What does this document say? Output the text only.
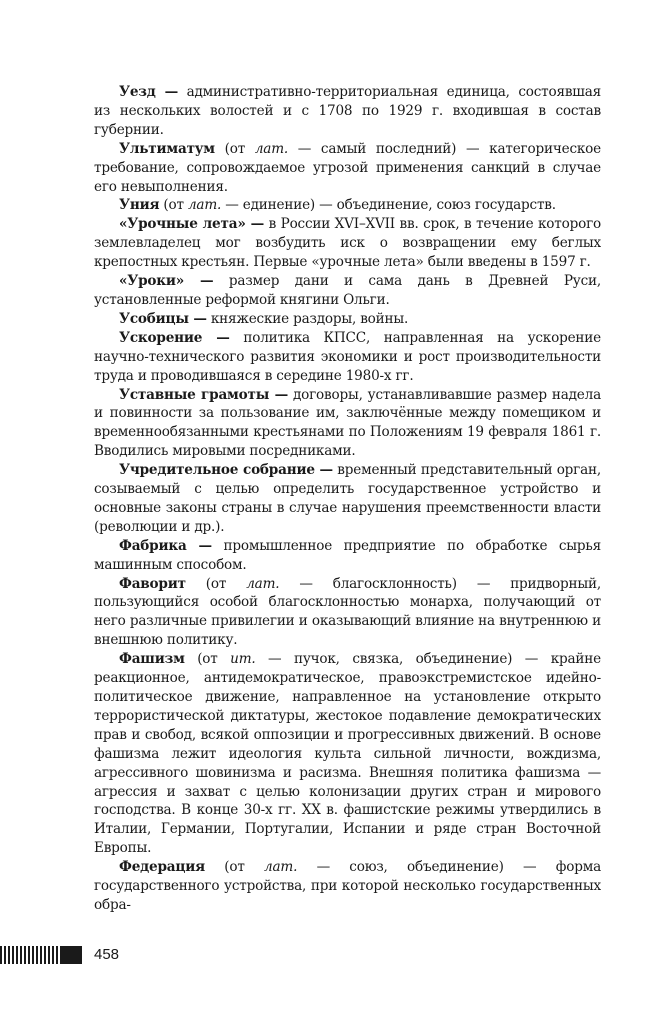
Уезд — административно-территориальная единица, состоявшая из нескольких волостей и с 1708 по 1929 г. входившая в состав губернии.

Ультиматум (от лат. — самый последний) — категорическое требование, сопровождаемое угрозой применения санкций в случае его невыполнения.

Уния (от лат. — единение) — объединение, союз государств.

«Урочные лета» — в России XVI–XVII вв. срок, в течение которого землевладелец мог возбудить иск о возвращении ему беглых крепостных крестьян. Первые «урочные лета» были введены в 1597 г.

«Уроки» — размер дани и сама дань в Древней Руси, установленные реформой княгини Ольги.

Усобицы — княжеские раздоры, войны.

Ускорение — политика КПСС, направленная на ускорение научно-технического развития экономики и рост производительности труда и проводившаяся в середине 1980-х гг.

Уставные грамоты — договоры, устанавливавшие размер надела и повинности за пользование им, заключённые между помещиком и временнообязанными крестьянами по Положениям 19 февраля 1861 г. Вводились мировыми посредниками.

Учредительное собрание — временный представительный орган, созываемый с целью определить государственное устройство и основные законы страны в случае нарушения преемственности власти (революции и др.).

Фабрика — промышленное предприятие по обработке сырья машинным способом.

Фаворит (от лат. — благосклонность) — придворный, пользующийся особой благосклонностью монарха, получающий от него различные привилегии и оказывающий влияние на внутреннюю и внешнюю политику.

Фашизм (от ит. — пучок, связка, объединение) — крайне реакционное, антидемократическое, правоэкстремистское идейно-политическое движение, направленное на установление открыто террористической диктатуры, жестокое подавление демократических прав и свобод, всякой оппозиции и прогрессивных движений. В основе фашизма лежит идеология культа сильной личности, вождизма, агрессивного шовинизма и расизма. Внешняя политика фашизма — агрессия и захват с целью колонизации других стран и мирового господства. В конце 30-х гг. XX в. фашистские режимы утвердились в Италии, Германии, Португалии, Испании и ряде стран Восточной Европы.

Федерация (от лат. — союз, объединение) — форма государственного устройства, при которой несколько государственных обра-

458
